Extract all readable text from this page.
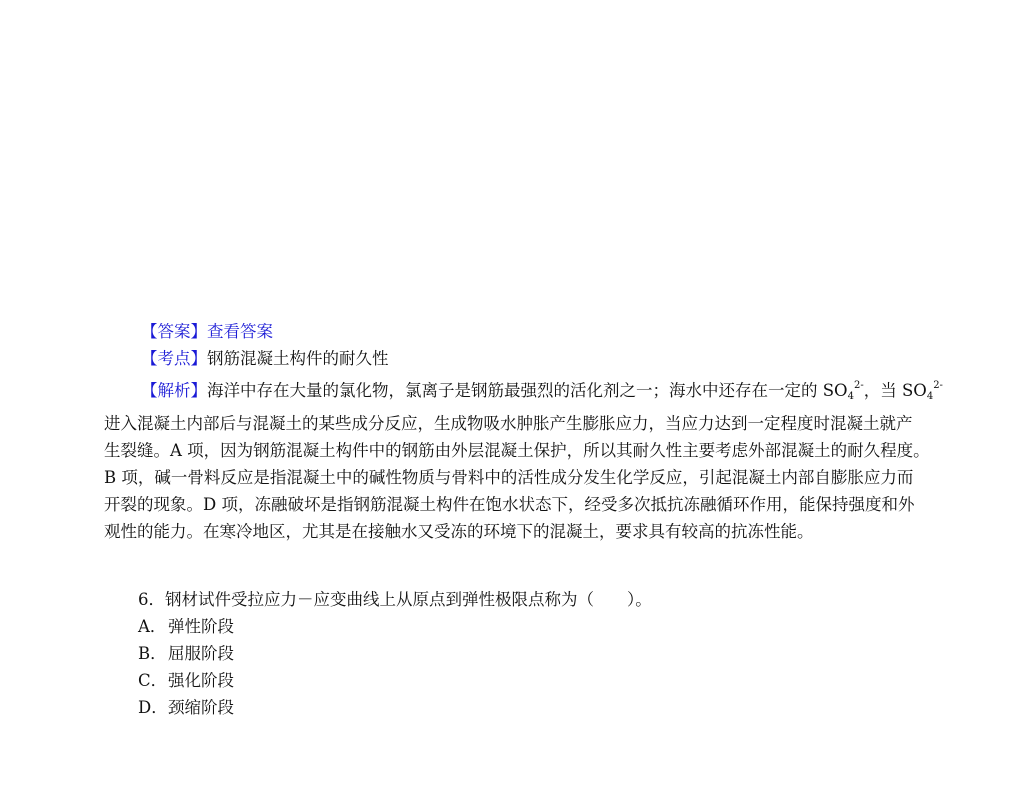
【答案】查看答案
【考点】钢筋混凝土构件的耐久性
【解析】海洋中存在大量的氯化物，氯离子是钢筋最强烈的活化剂之一；海水中还存在一定的 $SO_4^{2-}$，当 $SO_4^{2-}$
进入混凝土内部后与混凝土的某些成分反应，生成物吸水肿胀产生膨胀应力，当应力达到一定程度时混凝土就产
生裂缝。A 项，因为钢筋混凝土构件中的钢筋由外层混凝土保护，所以其耐久性主要考虑外部混凝土的耐久程度。
B 项，碱一骨料反应是指混凝土中的碱性物质与骨料中的活性成分发生化学反应，引起混凝土内部自膨胀应力而
开裂的现象。D 项，冻融破坏是指钢筋混凝土构件在饱水状态下，经受多次抵抗冻融循环作用，能保持强度和外
观性的能力。在寒冷地区，尤其是在接触水又受冻的环境下的混凝土，要求具有较高的抗冻性能。
6．钢材试件受拉应力－应变曲线上从原点到弹性极限点称为（　　）。
A．弹性阶段
B．屈服阶段
C．强化阶段
D．颈缩阶段
